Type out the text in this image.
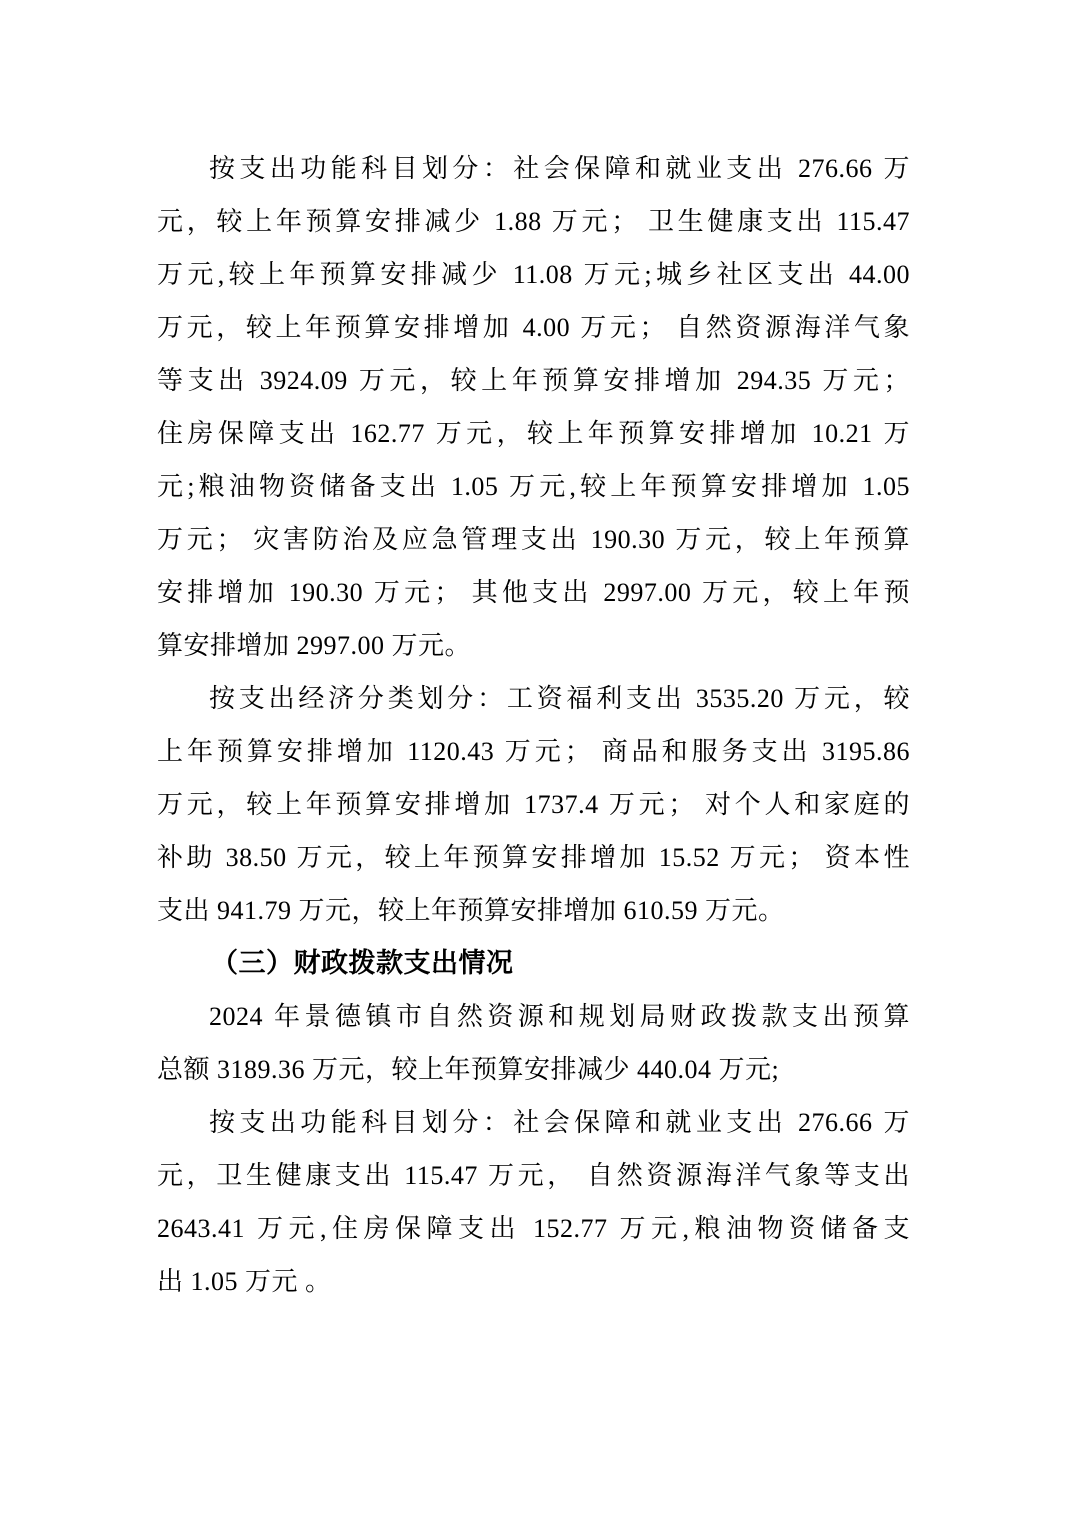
按支出功能科目划分：社会保障和就业支出 276.66 万
元，较上年预算安排减少 1.88 万元； 卫生健康支出 115.47
万元,较上年预算安排减少 11.08 万元;城乡社区支出 44.00
万元，较上年预算安排增加 4.00 万元； 自然资源海洋气象
等支出 3924.09 万元，较上年预算安排增加 294.35 万元；
住房保障支出 162.77 万元，较上年预算安排增加 10.21 万
元;粮油物资储备支出 1.05 万元,较上年预算安排增加 1.05
万元； 灾害防治及应急管理支出 190.30 万元，较上年预算
安排增加 190.30 万元； 其他支出 2997.00 万元，较上年预
算安排增加 2997.00 万元。
按支出经济分类划分：工资福利支出 3535.20 万元，较
上年预算安排增加 1120.43 万元； 商品和服务支出 3195.86
万元，较上年预算安排增加 1737.4 万元； 对个人和家庭的
补助 38.50 万元，较上年预算安排增加 15.52 万元； 资本性
支出 941.79 万元，较上年预算安排增加 610.59 万元。
（三）财政拨款支出情况
2024 年景德镇市自然资源和规划局财政拨款支出预算
总额 3189.36 万元，较上年预算安排减少 440.04 万元;
按支出功能科目划分：社会保障和就业支出 276.66 万
元，卫生健康支出 115.47 万元， 自然资源海洋气象等支出
2643.41 万元,住房保障支出 152.77 万元,粮油物资储备支
出 1.05 万元 。
